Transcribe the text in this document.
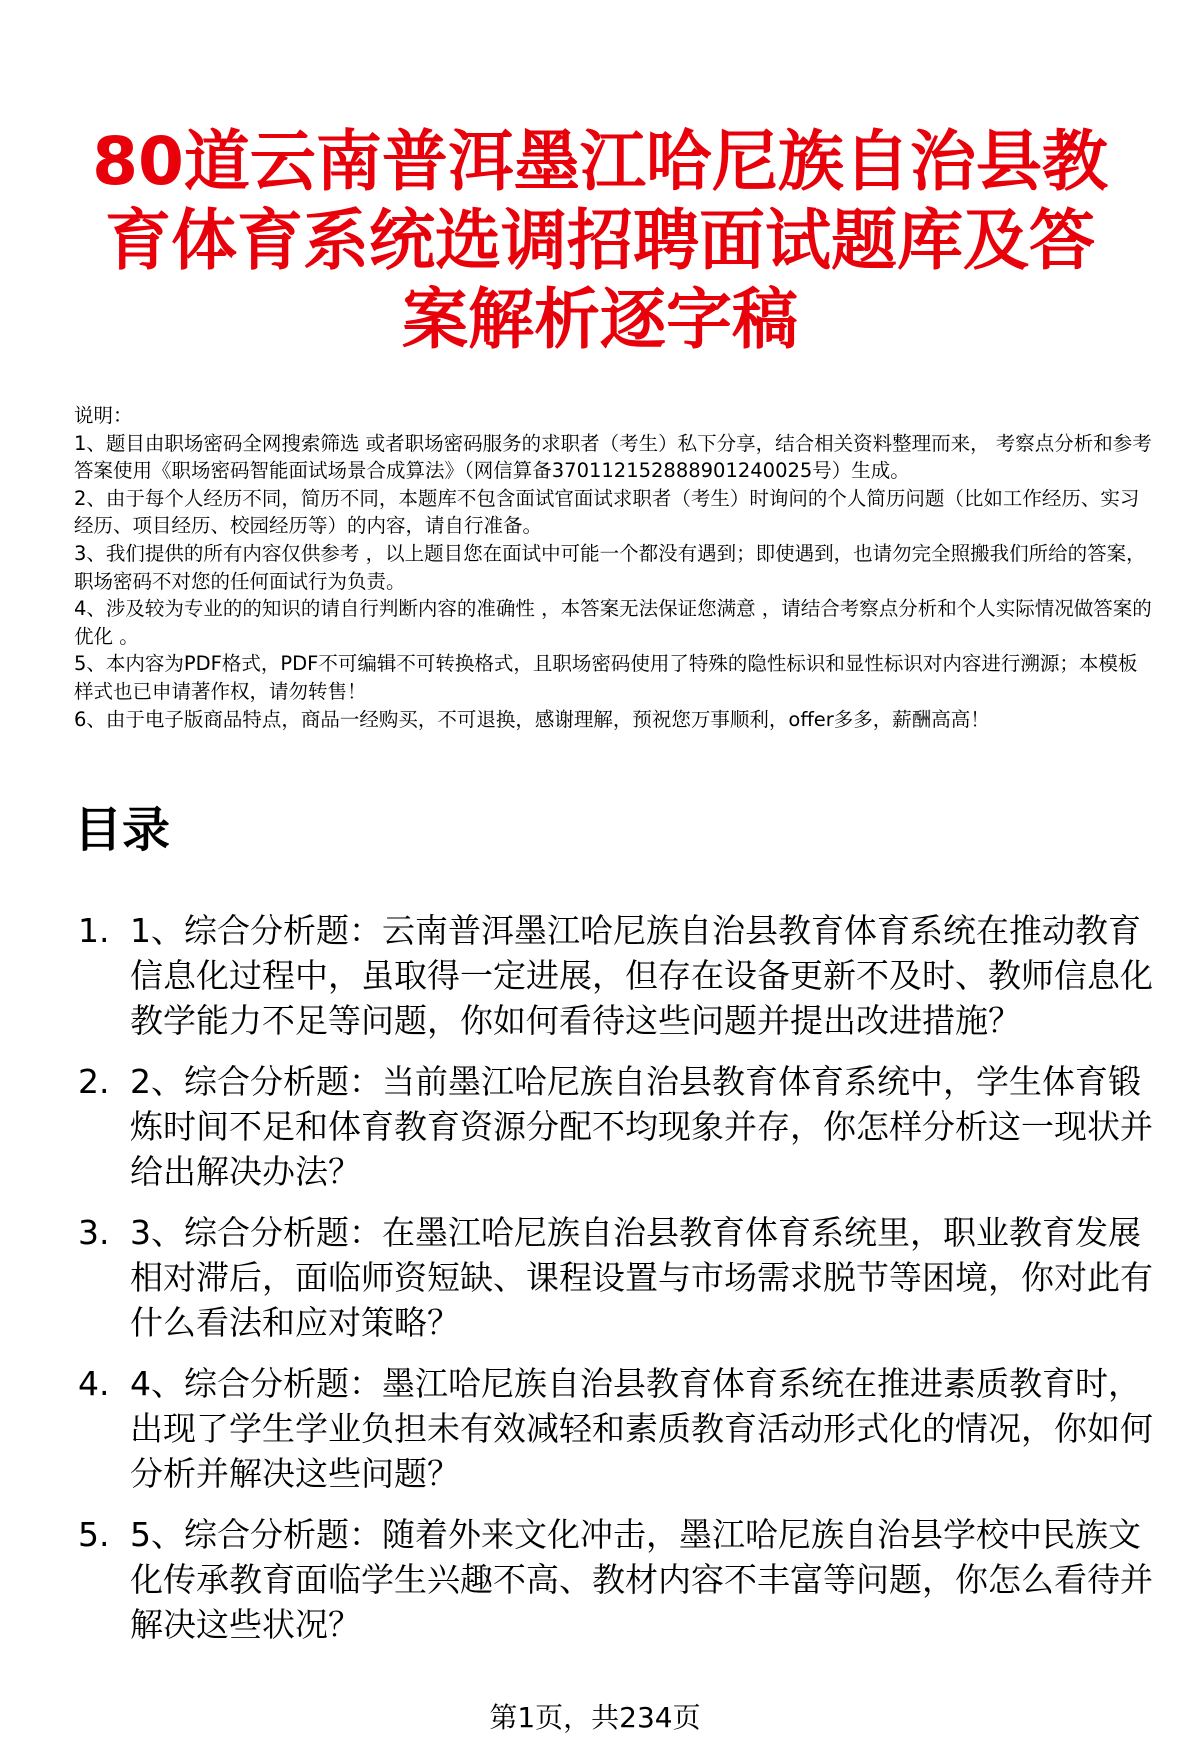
80道云南普洱墨江哈尼族自治县教育体育系统选调招聘面试题库及答案解析逐字稿
说明：
1、题目由职场密码全网搜索筛选 或者职场密码服务的求职者（考生）私下分享，结合相关资料整理而来， 考察点分析和参考答案使用《职场密码智能面试场景合成算法》（网信算备370112152888901240025号）生成。
2、由于每个人经历不同，简历不同，本题库不包含面试官面试求职者（考生）时询问的个人简历问题（比如工作经历、实习经历、项目经历、校园经历等）的内容，请自行准备。
3、我们提供的所有内容仅供参考 ，以上题目您在面试中可能一个都没有遇到；即使遇到，也请勿完全照搬我们所给的答案，职场密码不对您的任何面试行为负责。
4、涉及较为专业的的知识的请自行判断内容的准确性 ，本答案无法保证您满意 ，请结合考察点分析和个人实际情况做答案的优化 。
5、本内容为PDF格式，PDF不可编辑不可转换格式，且职场密码使用了特殊的隐性标识和显性标识对内容进行溯源；本模板样式也已申请著作权，请勿转售！
6、由于电子版商品特点，商品一经购买，不可退换，感谢理解，预祝您万事顺利，offer多多，薪酬高高！
目录
1. 1、综合分析题：云南普洱墨江哈尼族自治县教育体育系统在推动教育信息化过程中，虽取得一定进展，但存在设备更新不及时、教师信息化教学能力不足等问题，你如何看待这些问题并提出改进措施？
2. 2、综合分析题：当前墨江哈尼族自治县教育体育系统中，学生体育锻炼时间不足和体育教育资源分配不均现象并存，你怎样分析这一现状并给出解决办法？
3. 3、综合分析题：在墨江哈尼族自治县教育体育系统里，职业教育发展相对滞后，面临师资短缺、课程设置与市场需求脱节等困境，你对此有什么看法和应对策略？
4. 4、综合分析题：墨江哈尼族自治县教育体育系统在推进素质教育时，出现了学生学业负担未有效减轻和素质教育活动形式化的情况，你如何分析并解决这些问题？
5. 5、综合分析题：随着外来文化冲击，墨江哈尼族自治县学校中民族文化传承教育面临学生兴趣不高、教材内容不丰富等问题，你怎么看待并解决这些状况？
第1页，共234页
